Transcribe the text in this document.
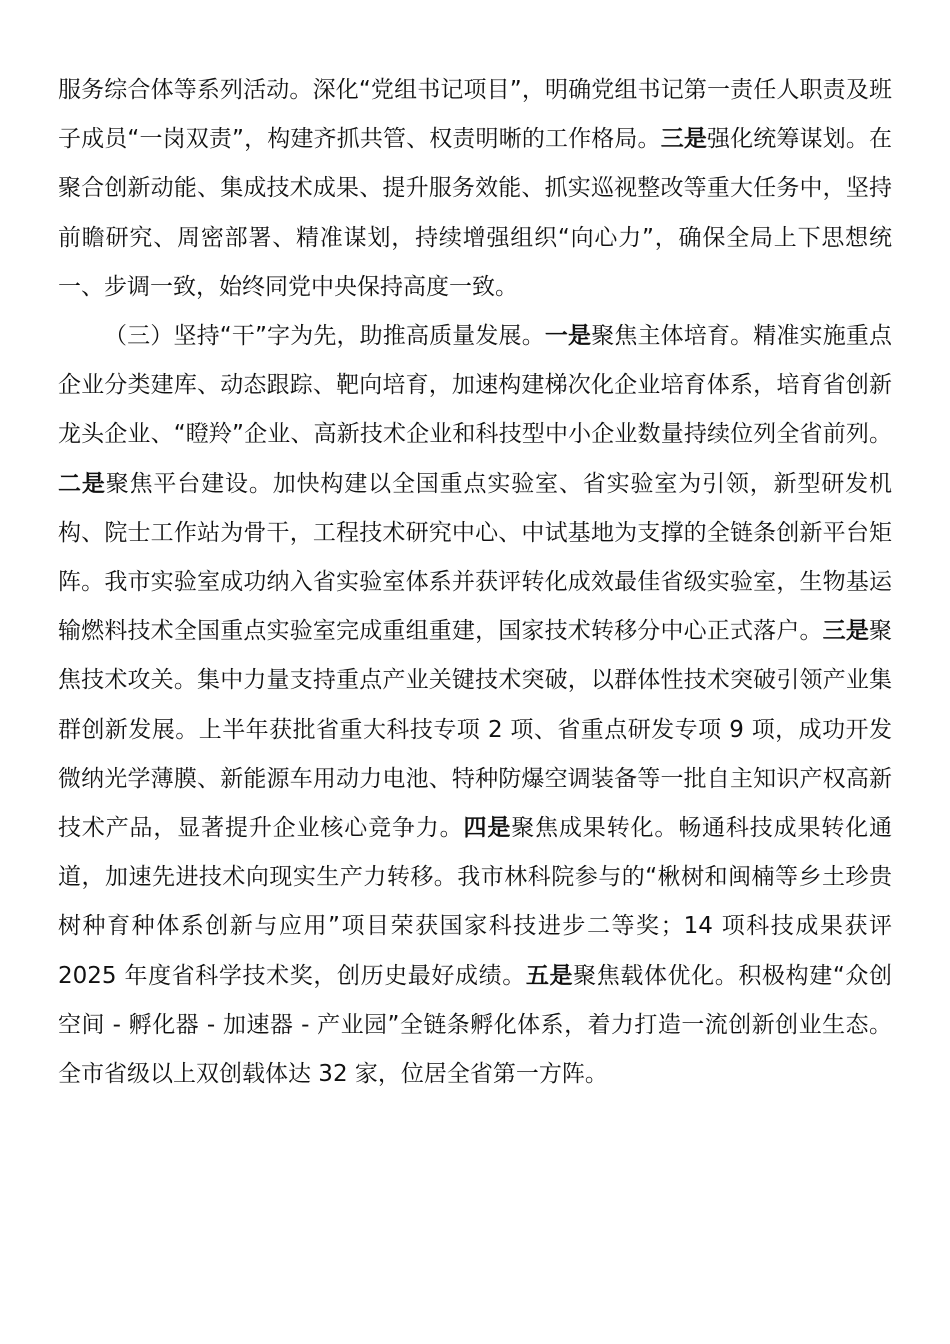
服务综合体等系列活动。深化“党组书记项目”，明确党组书记第一责任人职责及班子成员“一岗双责”，构建齐抓共管、权责明晰的工作格局。三是强化统筹谋划。在聚合创新动能、集成技术成果、提升服务效能、抓实巡视整改等重大任务中，坚持前瞻研究、周密部署、精准谋划，持续增强组织“向心力”，确保全局上下思想统一、步调一致，始终同党中央保持高度一致。

（三）坚持“干”字为先，助推高质量发展。一是聚焦主体培育。精准实施重点企业分类建库、动态跟踪、靶向培育，加速构建梯次化企业培育体系，培育省创新龙头企业、“瞪羚”企业、高新技术企业和科技型中小企业数量持续位列全省前列。二是聚焦平台建设。加快构建以全国重点实验室、省实验室为引领，新型研发机构、院士工作站为骨干，工程技术研究中心、中试基地为支撑的全链条创新平台矩阵。我市实验室成功纳入省实验室体系并获评转化成效最佳省级实验室，生物基运输燃料技术全国重点实验室完成重组重建，国家技术转移分中心正式落户。三是聚焦技术攻关。集中力量支持重点产业关键技术突破，以群体性技术突破引领产业集群创新发展。上半年获批省重大科技专项 2 项、省重点研发专项 9 项，成功开发微纳光学薄膜、新能源车用动力电池、特种防爆空调装备等一批自主知识产权高新技术产品，显著提升企业核心竞争力。四是聚焦成果转化。畅通科技成果转化通道，加速先进技术向现实生产力转移。我市林科院参与的“楸树和闽楠等乡土珍贵树种育种体系创新与应用”项目荣获国家科技进步二等奖；14 项科技成果获评 2025 年度省科学技术奖，创历史最好成绩。五是聚焦载体优化。积极构建“众创空间 - 孵化器 - 加速器 - 产业园”全链条孵化体系，着力打造一流创新创业生态。全市省级以上双创载体达 32 家，位居全省第一方阵。
